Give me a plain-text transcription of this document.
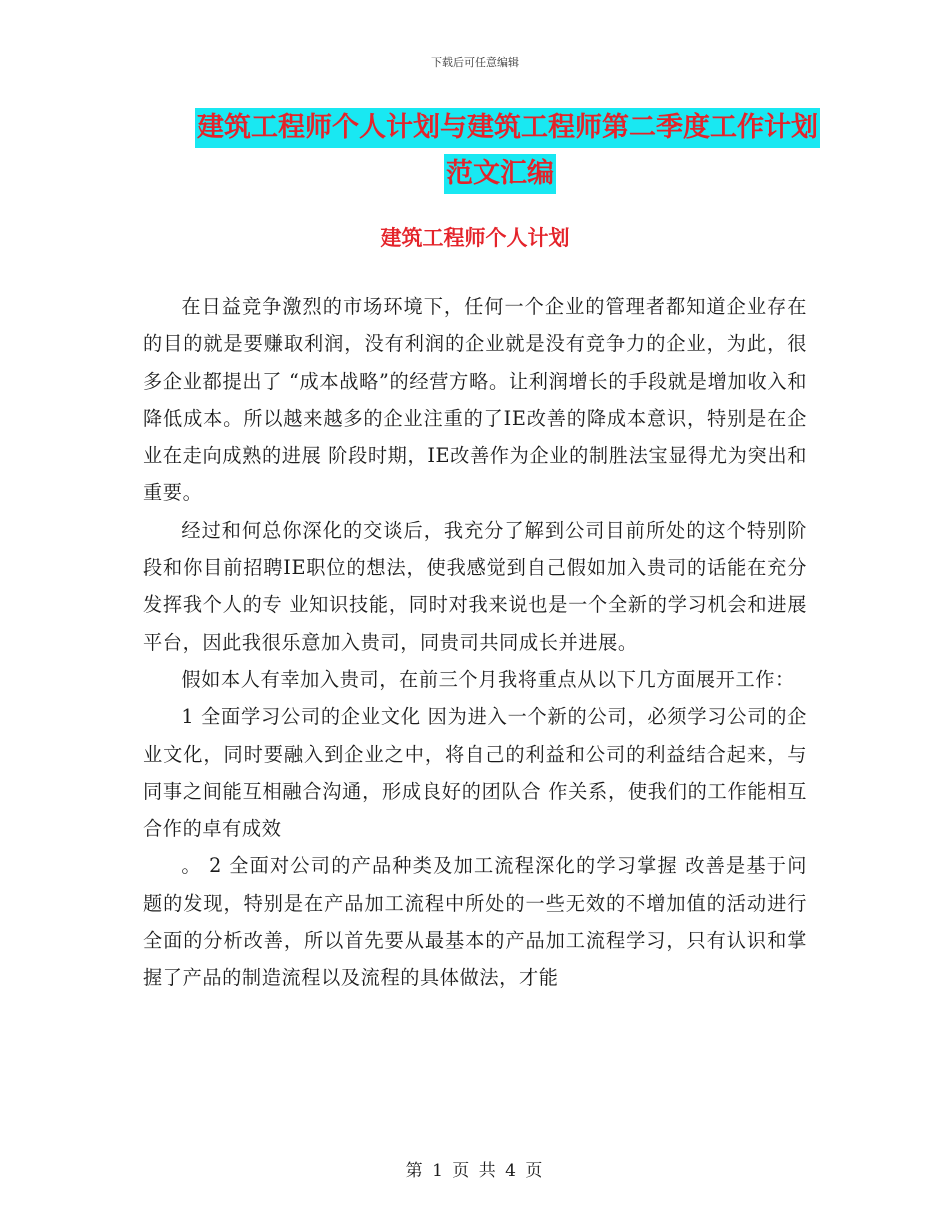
下载后可任意编辑
建筑工程师个人计划与建筑工程师第二季度工作计划
范文汇编
建筑工程师个人计划

在日益竞争激烈的市场环境下，任何一个企业的管理者都知道企业存在的目的就是要赚取利润，没有利润的企业就是没有竞争力的企业，为此，很多企业都提出了 “成本战略”的经营方略。让利润增长的手段就是增加收入和降低成本。所以越来越多的企业注重的了IE改善的降成本意识，特别是在企业在走向成熟的进展 阶段时期，IE改善作为企业的制胜法宝显得尤为突出和重要。

经过和何总你深化的交谈后，我充分了解到公司目前所处的这个特别阶段和你目前招聘IE职位的想法，使我感觉到自己假如加入贵司的话能在充分发挥我个人的专 业知识技能，同时对我来说也是一个全新的学习机会和进展平台，因此我很乐意加入贵司，同贵司共同成长并进展。

假如本人有幸加入贵司，在前三个月我将重点从以下几方面展开工作：

1 全面学习公司的企业文化 因为进入一个新的公司，必须学习公司的企业文化，同时要融入到企业之中，将自己的利益和公司的利益结合起来，与同事之间能互相融合沟通，形成良好的团队合 作关系，使我们的工作能相互合作的卓有成效

。 2 全面对公司的产品种类及加工流程深化的学习掌握 改善是基于问题的发现，特别是在产品加工流程中所处的一些无效的不增加值的活动进行全面的分析改善，所以首先要从最基本的产品加工流程学习，只有认识和掌 握了产品的制造流程以及流程的具体做法，才能

第 1 页 共 4 页
